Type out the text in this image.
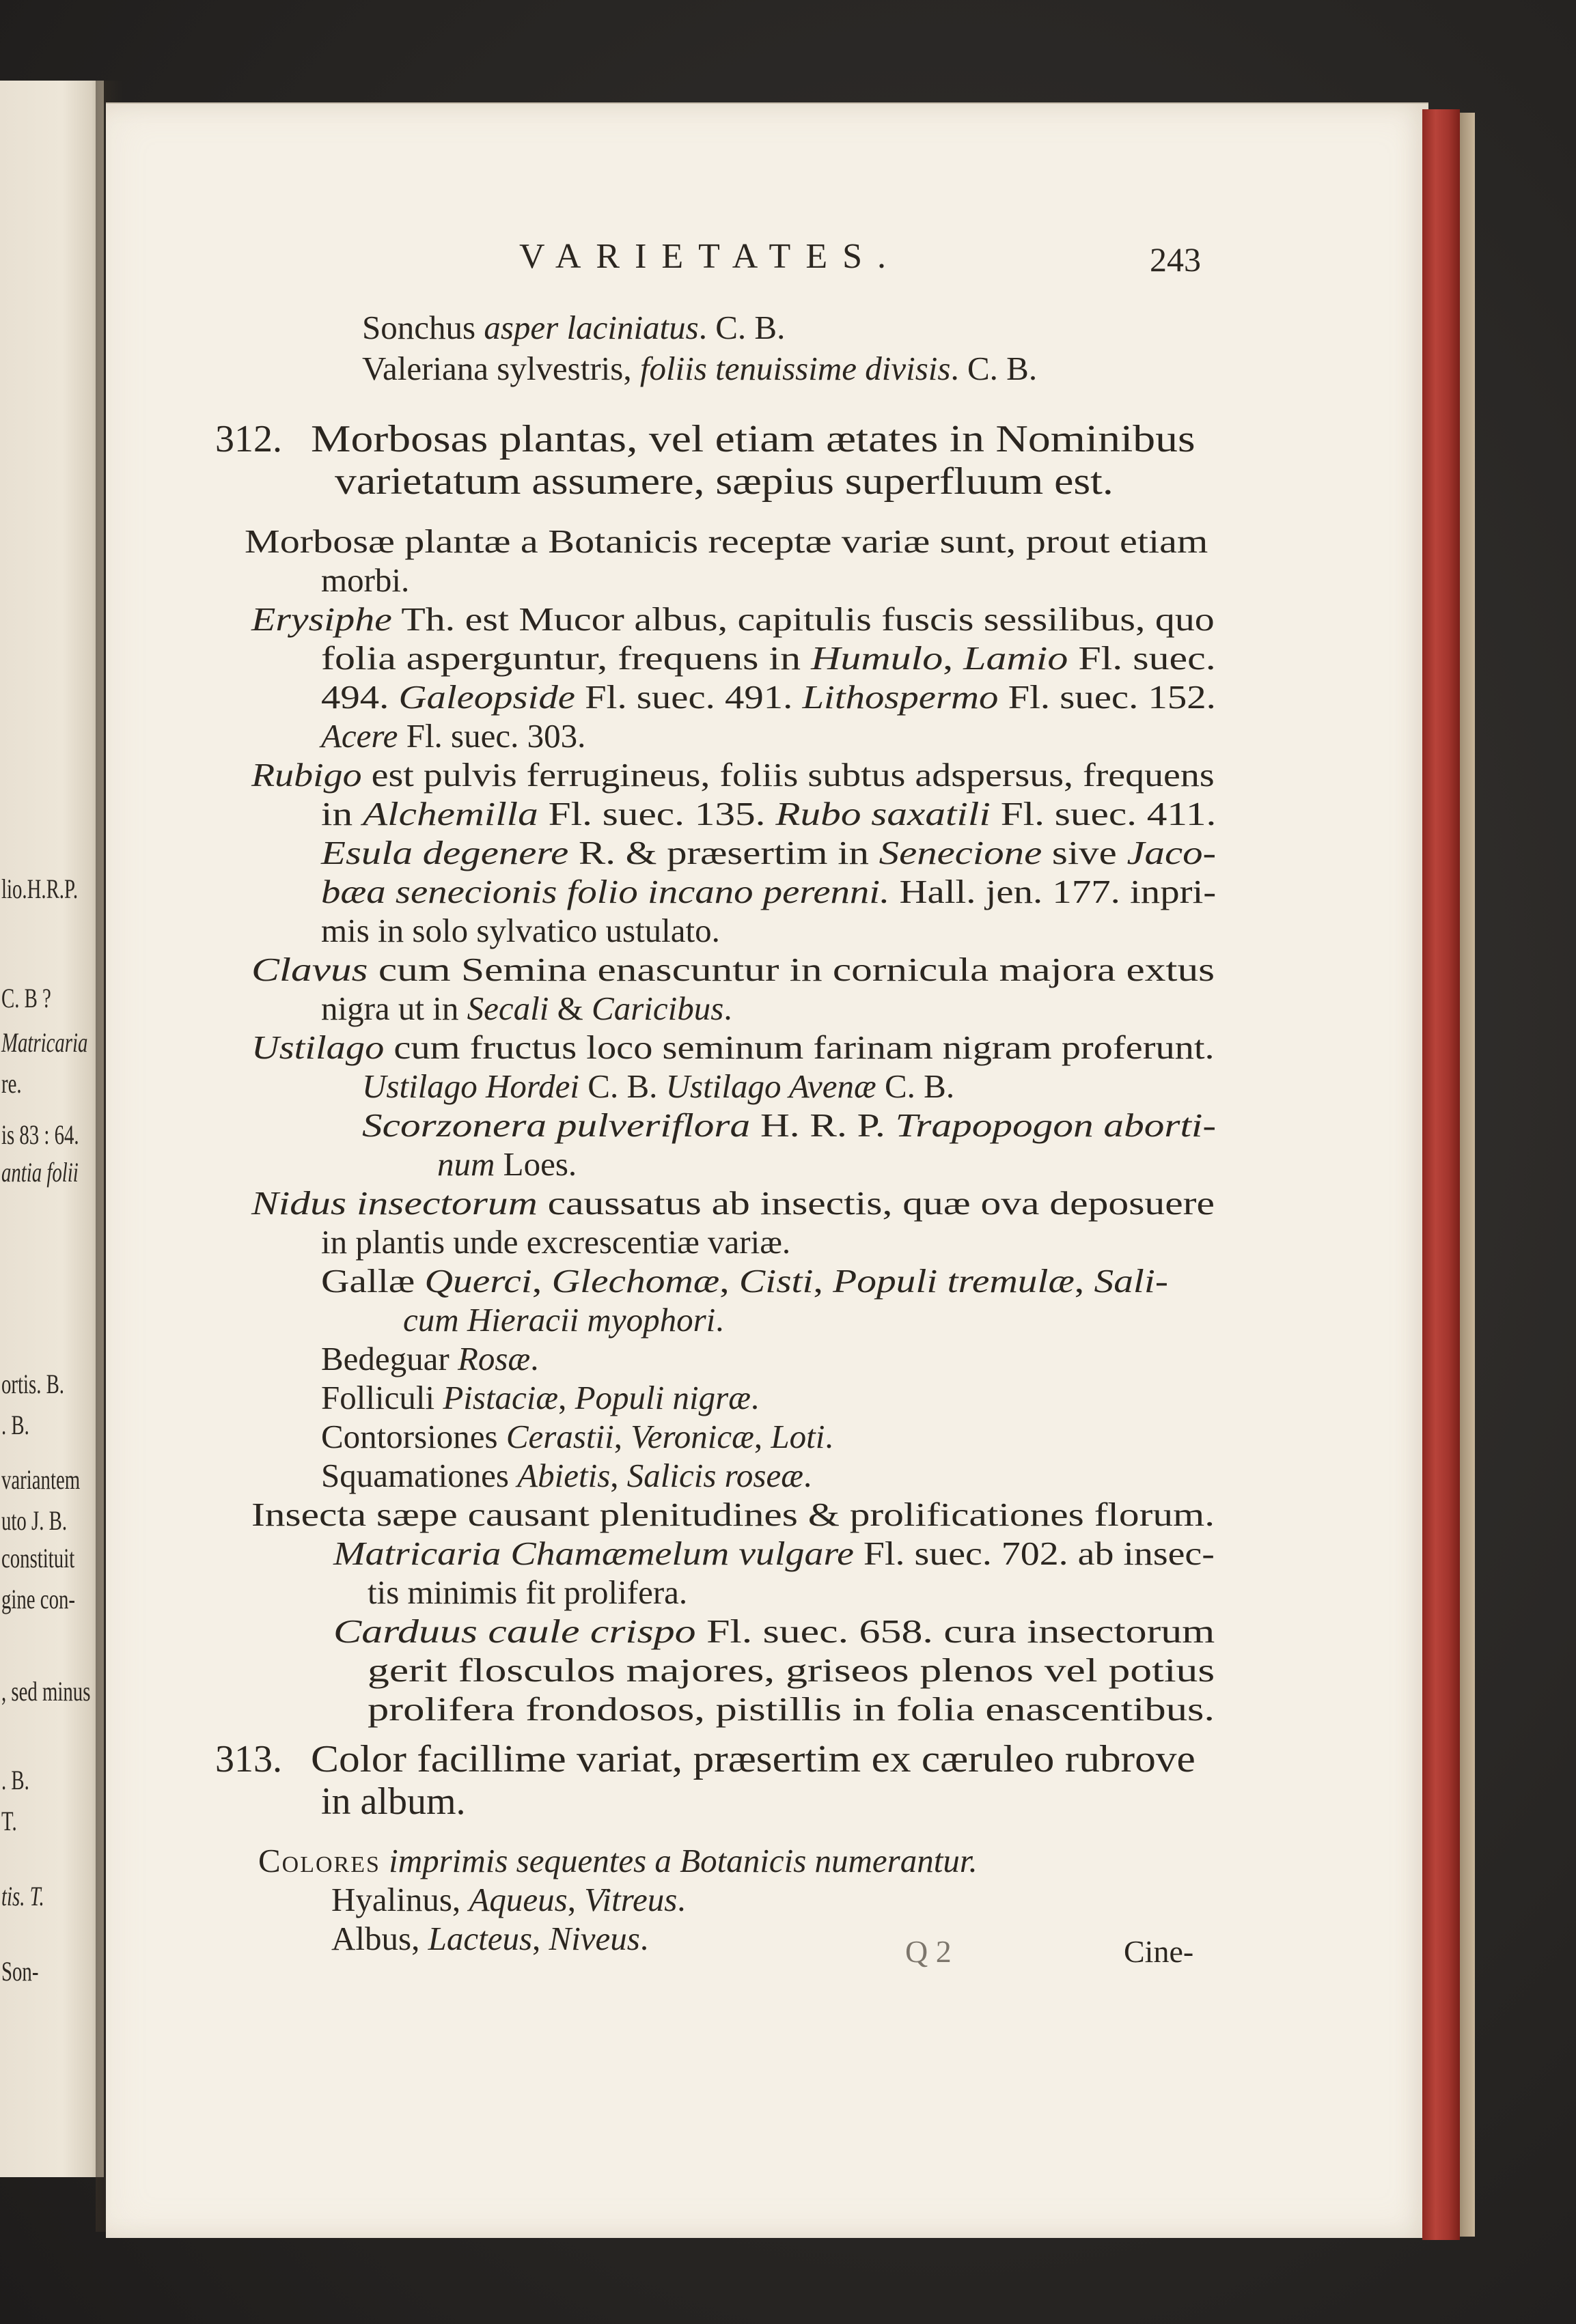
lio.H.R.P.
C. B ?
Matricaria
re.
is 83 : 64.
antia folii
ortis. B.
. B.
variantem
uto J. B.
constituit
gine con-
, sed minus
. B.
T.
tis. T.
Son-
VARIETATES.	243
Sonchus asper laciniatus. C. B.
Valeriana sylvestris, foliis tenuissime divisis. C. B.
312. Morbosas plantas, vel etiam ætates in Nominibus
varietatum assumere, sæpius superfluum est.
Morbosæ plantæ a Botanicis receptæ variæ sunt, prout etiam
morbi.
Erysiphe Th. est Mucor albus, capitulis fuscis sessilibus, quo
folia asperguntur, frequens in Humulo, Lamio Fl. suec.
494. Galeopside Fl. suec. 491. Lithospermo Fl. suec. 152.
Acere Fl. suec. 303.
Rubigo est pulvis ferrugineus, foliis subtus adspersus, frequens
in Alchemilla Fl. suec. 135. Rubo saxatili Fl. suec. 411.
Esula degenere R. & præsertim in Senecione sive Jaco-
bæa senecionis folio incano perenni. Hall. jen. 177. inpri-
mis in solo sylvatico ustulato.
Clavus cum Semina enascuntur in cornicula majora extus
nigra ut in Secali & Caricibus.
Ustilago cum fructus loco seminum farinam nigram proferunt.
Ustilago Hordei C. B. Ustilago Avenæ C. B.
Scorzonera pulveriflora H. R. P. Trapopogon aborti-
num Loes.
Nidus insectorum caussatus ab insectis, quæ ova deposuere
in plantis unde excrescentiæ variæ.
Gallæ Querci, Glechomæ, Cisti, Populi tremulæ, Sali-
cum Hieracii myophori.
Bedeguar Rosæ.
Folliculi Pistaciæ, Populi nigræ.
Contorsiones Cerastii, Veronicæ, Loti.
Squamationes Abietis, Salicis roseæ.
Insecta sæpe causant plenitudines & prolificationes florum.
Matricaria Chamæmelum vulgare Fl. suec. 702. ab insec-
tis minimis fit prolifera.
Carduus caule crispo Fl. suec. 658. cura insectorum
gerit flosculos majores, griseos plenos vel potius
prolifera frondosos, pistillis in folia enascentibus.
313. Color facillime variat, præsertim ex cæruleo rubrove
in album.
Colores imprimis sequentes a Botanicis numerantur.
Hyalinus, Aqueus, Vitreus.
Albus, Lacteus, Niveus.	Q 2	Cine-
